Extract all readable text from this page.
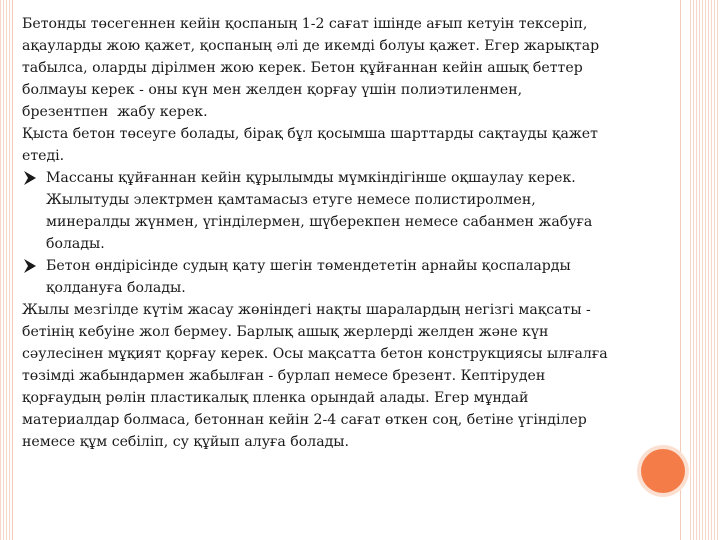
Бетонды төсегеннен кейін қоспаның 1-2 сағат ішінде ағып кетуін тексеріп,

ақауларды жою қажет, қоспаның әлі де икемді болуы қажет. Егер жарықтар

табылса, оларды дірілмен жою керек. Бетон құйғаннан кейін ашық беттер

болмауы керек - оны күн мен желден қорғау үшін полиэтиленмен,

брезентпен  жабу керек.

Қыста бетон төсеуге болады, бірақ бұл қосымша шарттарды сақтауды қажет

етеді.

Массаны құйғаннан кейін құрылымды мүмкіндігінше оқшаулау керек.

Жылытуды электрмен қамтамасыз етуге немесе полистиролмен,

минералды жүнмен, үгінділермен, шүберекпен немесе сабанмен жабуға

болады.

Бетон өндірісінде судың қату шегін төмендететін арнайы қоспаларды

қолдануға болады.

Жылы мезгілде күтім жасау жөніндегі нақты шаралардың негізгі мақсаты -

бетінің кебуіне жол бермеу. Барлық ашық жерлерді желден және күн

сәулесінен мұқият қорғау керек. Осы мақсатта бетон конструкциясы ылғалға

төзімді жабындармен жабылған - бурлап немесе брезент. Кептіруден

қорғаудың рөлін пластикалық пленка орындай алады. Егер мұндай

материалдар болмаса, бетоннан кейін 2-4 сағат өткен соң, бетіне үгінділер

немесе құм себіліп, су құйып алуға болады.
